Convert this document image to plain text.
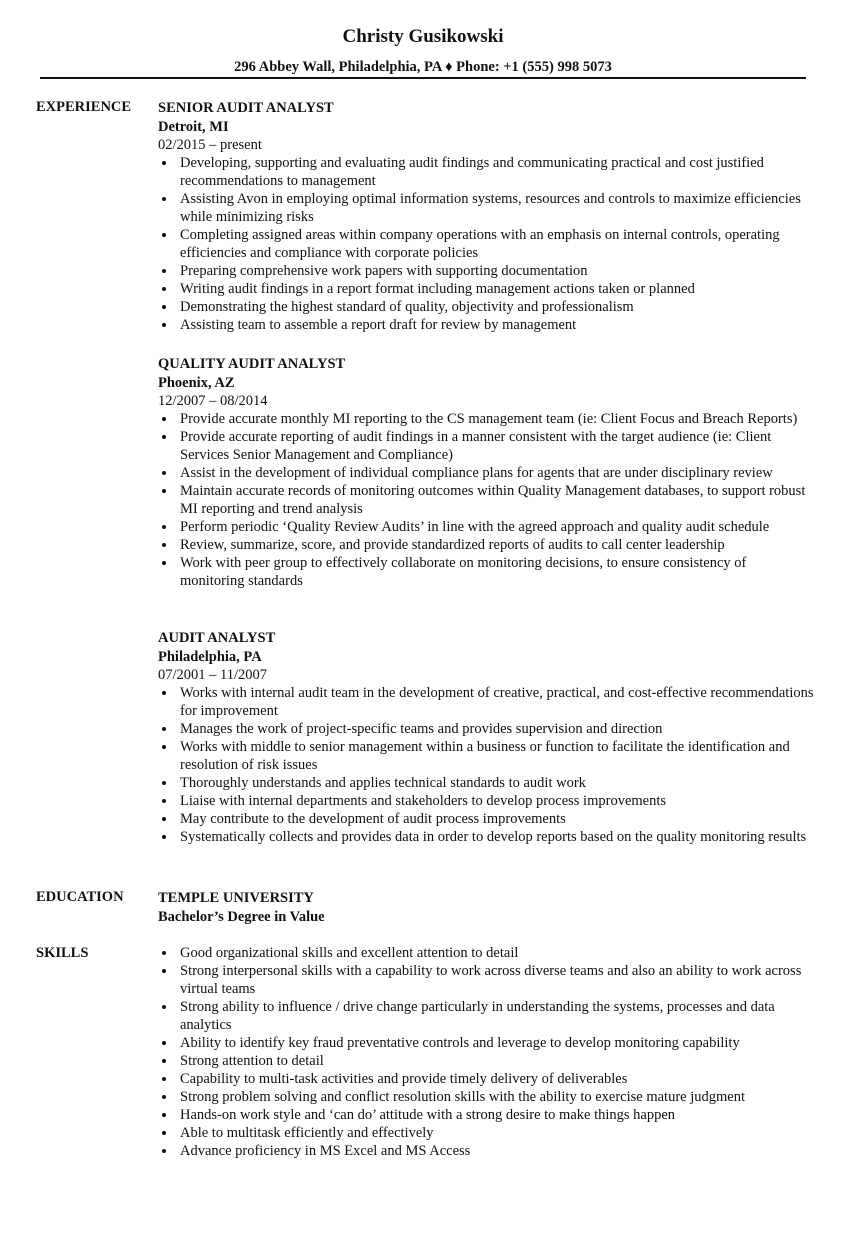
Christy Gusikowski
296 Abbey Wall, Philadelphia, PA ♦ Phone: +1 (555) 998 5073
EXPERIENCE SENIOR AUDIT ANALYST
Detroit, MI
02/2015 – present
Developing, supporting and evaluating audit findings and communicating practical and cost justified recommendations to management
Assisting Avon in employing optimal information systems, resources and controls to maximize efficiencies while minimizing risks
Completing assigned areas within company operations with an emphasis on internal controls, operating efficiencies and compliance with corporate policies
Preparing comprehensive work papers with supporting documentation
Writing audit findings in a report format including management actions taken or planned
Demonstrating the highest standard of quality, objectivity and professionalism
Assisting team to assemble a report draft for review by management
QUALITY AUDIT ANALYST
Phoenix, AZ
12/2007 – 08/2014
Provide accurate monthly MI reporting to the CS management team (ie: Client Focus and Breach Reports)
Provide accurate reporting of audit findings in a manner consistent with the target audience (ie: Client Services Senior Management and Compliance)
Assist in the development of individual compliance plans for agents that are under disciplinary review
Maintain accurate records of monitoring outcomes within Quality Management databases, to support robust MI reporting and trend analysis
Perform periodic ‘Quality Review Audits’ in line with the agreed approach and quality audit schedule
Review, summarize, score, and provide standardized reports of audits to call center leadership
Work with peer group to effectively collaborate on monitoring decisions, to ensure consistency of monitoring standards
AUDIT ANALYST
Philadelphia, PA
07/2001 – 11/2007
Works with internal audit team in the development of creative, practical, and cost-effective recommendations for improvement
Manages the work of project-specific teams and provides supervision and direction
Works with middle to senior management within a business or function to facilitate the identification and resolution of risk issues
Thoroughly understands and applies technical standards to audit work
Liaise with internal departments and stakeholders to develop process improvements
May contribute to the development of audit process improvements
Systematically collects and provides data in order to develop reports based on the quality monitoring results
EDUCATION TEMPLE UNIVERSITY
Bachelor’s Degree in Value
SKILLS	Good organizational skills and excellent attention to detail
Strong interpersonal skills with a capability to work across diverse teams and also an ability to work across virtual teams
Strong ability to influence / drive change particularly in understanding the systems, processes and data analytics
Ability to identify key fraud preventative controls and leverage to develop monitoring capability
Strong attention to detail
Capability to multi-task activities and provide timely delivery of deliverables
Strong problem solving and conflict resolution skills with the ability to exercise mature judgment
Hands-on work style and ‘can do’ attitude with a strong desire to make things happen
Able to multitask efficiently and effectively
Advance proficiency in MS Excel and MS Access
